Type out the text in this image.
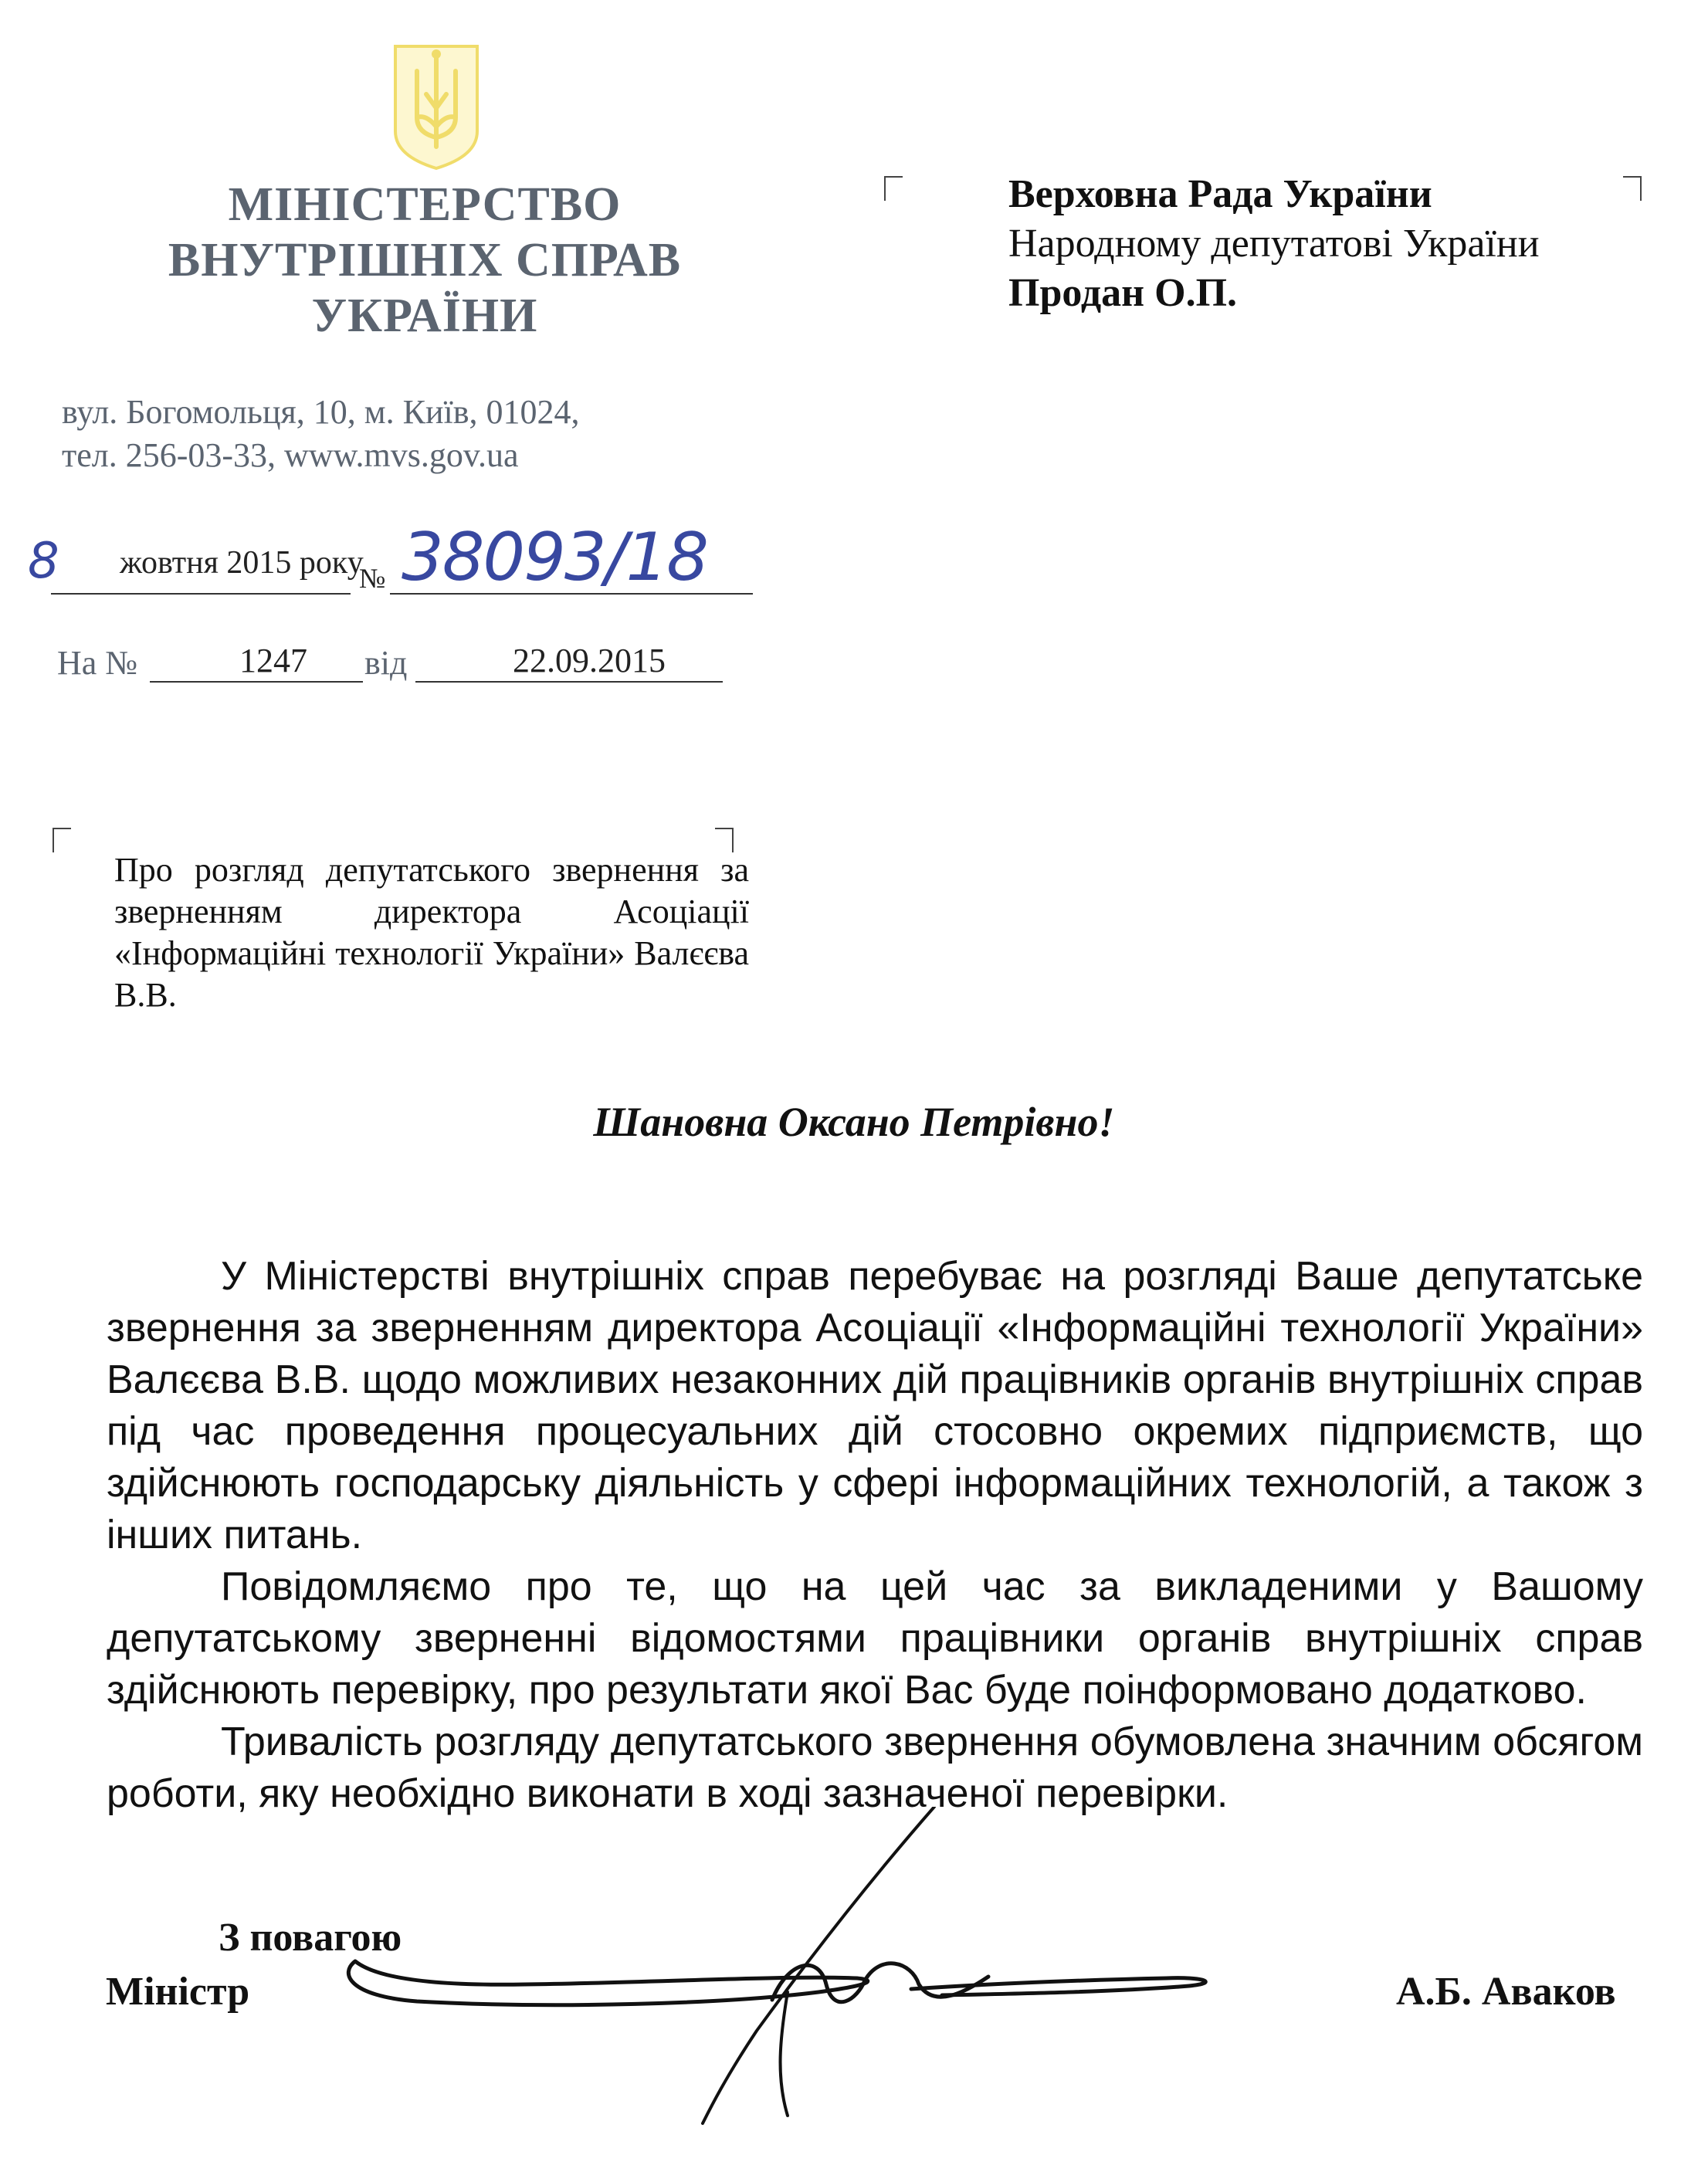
МІНІСТЕРСТВО
ВНУТРІШНІХ СПРАВ
УКРАЇНИ
вул. Богомольця, 10, м. Київ, 01024,
тел. 256-03-33, www.mvs.gov.ua
8 жовтня 2015 року
№ 38093/18
На №	1247 від	22.09.2015
Верховна Рада України
Народному депутатові України
Продан О.П.
Про розгляд депутатського звернення за зверненням директора Асоціації «Інформаційні технології України» Валєєва В.В.
Шановна Оксано Петрівно!

У Міністерстві внутрішніх справ перебуває на розгляді Ваше депутатське звернення за зверненням директора Асоціації «Інформаційні технології України» Валєєва В.В. щодо можливих незаконних дій працівників органів внутрішніх справ під час проведення процесуальних дій стосовно окремих підприємств, що здійснюють господарську діяльність у сфері інформаційних технологій, а також з інших питань.

Повідомляємо про те, що на цей час за викладеними у Вашому депутатському зверненні відомостями працівники органів внутрішніх справ здійснюють перевірку, про результати якої Вас буде поінформовано додатково.

Тривалість розгляду депутатського звернення обумовлена значним обсягом роботи, яку необхідно виконати в ході зазначеної перевірки.

З повагою
Міністр	А.Б. Аваков
